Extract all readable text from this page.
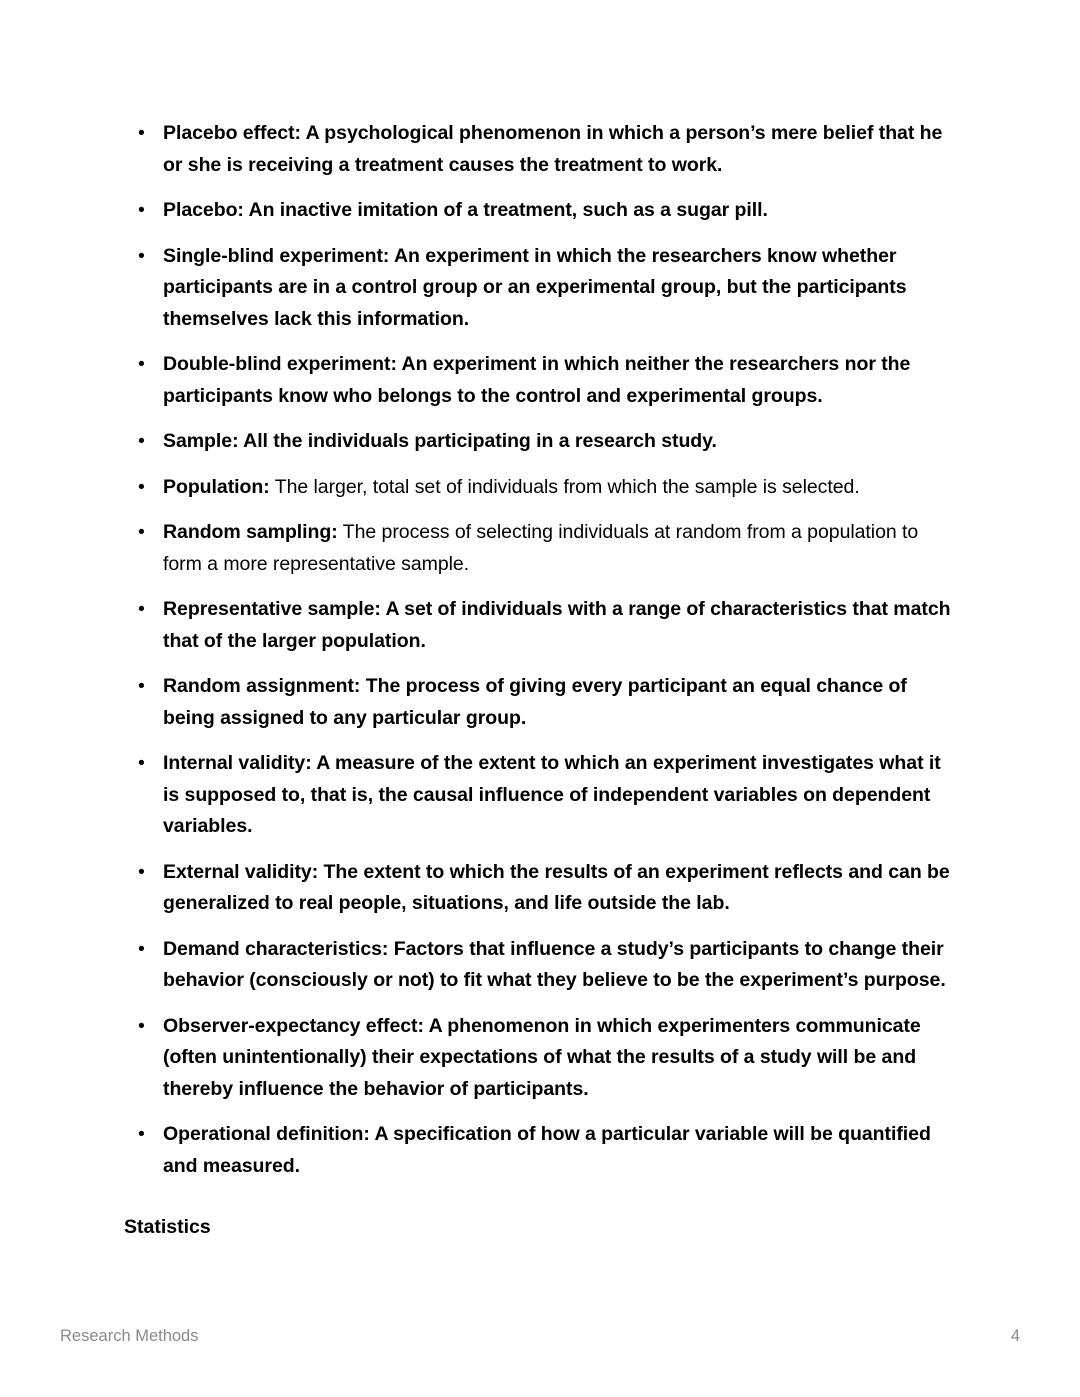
• Placebo effect: A psychological phenomenon in which a person’s mere belief that he or she is receiving a treatment causes the treatment to work.
• Placebo: An inactive imitation of a treatment, such as a sugar pill.
• Single-blind experiment: An experiment in which the researchers know whether participants are in a control group or an experimental group, but the participants themselves lack this information.
• Double-blind experiment: An experiment in which neither the researchers nor the participants know who belongs to the control and experimental groups.
• Sample: All the individuals participating in a research study.
• Population: The larger, total set of individuals from which the sample is selected.
• Random sampling: The process of selecting individuals at random from a population to form a more representative sample.
• Representative sample: A set of individuals with a range of characteristics that match that of the larger population.
• Random assignment: The process of giving every participant an equal chance of being assigned to any particular group.
• Internal validity: A measure of the extent to which an experiment investigates what it is supposed to, that is, the causal influence of independent variables on dependent variables.
• External validity: The extent to which the results of an experiment reflects and can be generalized to real people, situations, and life outside the lab.
• Demand characteristics: Factors that influence a study’s participants to change their behavior (consciously or not) to fit what they believe to be the experiment’s purpose.
• Observer-expectancy effect: A phenomenon in which experimenters communicate (often unintentionally) their expectations of what the results of a study will be and thereby influence the behavior of participants.
• Operational definition: A specification of how a particular variable will be quantified and measured.
Statistics
Research Methods	4
